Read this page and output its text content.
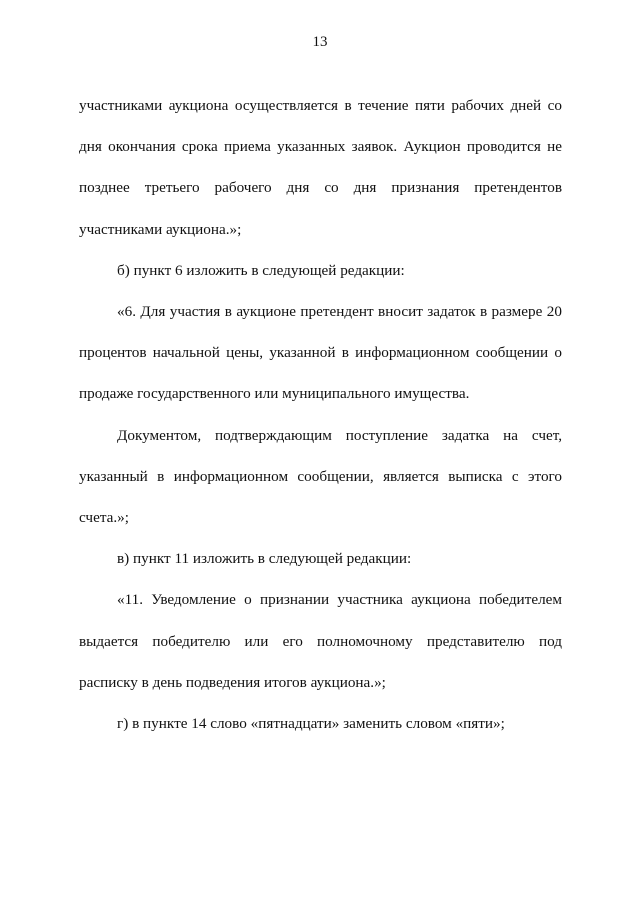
13

участниками аукциона осуществляется в течение пяти рабочих дней со дня окончания срока приема указанных заявок. Аукцион проводится не позднее третьего рабочего дня со дня признания претендентов участниками аукциона.»;

б) пункт 6 изложить в следующей редакции:

«6. Для участия в аукционе претендент вносит задаток в размере 20 процентов начальной цены, указанной в информационном сообщении о продаже государственного или муниципального имущества.

Документом, подтверждающим поступление задатка на счет, указанный в информационном сообщении, является выписка с этого счета.»;

в) пункт 11 изложить в следующей редакции:

«11. Уведомление о признании участника аукциона победителем выдается победителю или его полномочному представителю под расписку в день подведения итогов аукциона.»;

г) в пункте 14 слово «пятнадцати» заменить словом «пяти»;
